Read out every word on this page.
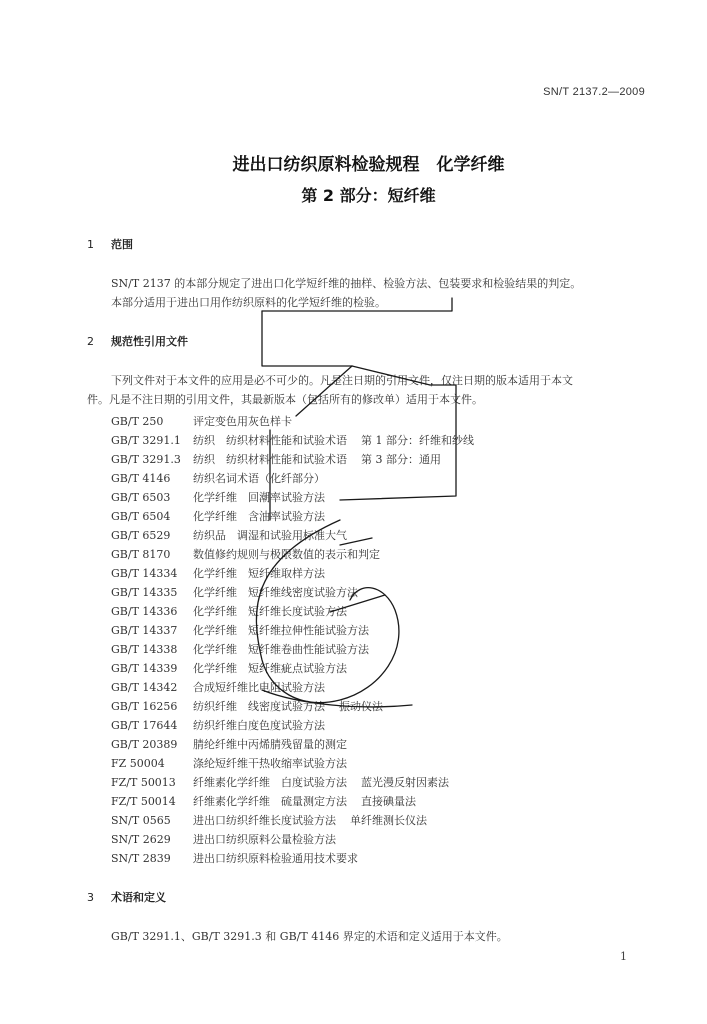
SN/T 2137.2—2009
进出口纺织原料检验规程　化学纤维
第 2 部分：短纤维
1 范围
SN/T 2137 的本部分规定了进出口化学短纤维的抽样、检验方法、包装要求和检验结果的判定。
本部分适用于进出口用作纺织原料的化学短纤维的检验。
2 规范性引用文件
下列文件对于本文件的应用是必不可少的。凡是注日期的引用文件，仅注日期的版本适用于本文
件。凡是不注日期的引用文件，其最新版本（包括所有的修改单）适用于本文件。
GB/T 250	评定变色用灰色样卡
GB/T 3291.1 纺织　纺织材料性能和试验术语 第 1 部分：纤维和纱线
GB/T 3291.3 纺织　纺织材料性能和试验术语 第 3 部分：通用
GB/T 4146 纺织名词术语（化纤部分）
GB/T 6503 化学纤维　回潮率试验方法
GB/T 6504 化学纤维　含油率试验方法
GB/T 6529 纺织品　调湿和试验用标准大气
GB/T 8170 数值修约规则与极限数值的表示和判定
GB/T 14334 化学纤维　短纤维取样方法
GB/T 14335 化学纤维　短纤维线密度试验方法
GB/T 14336 化学纤维　短纤维长度试验方法
GB/T 14337 化学纤维　短纤维拉伸性能试验方法
GB/T 14338 化学纤维　短纤维卷曲性能试验方法
GB/T 14339 化学纤维　短纤维疵点试验方法
GB/T 14342 合成短纤维比电阻试验方法
GB/T 16256 纺织纤维　线密度试验方法 振动仪法
GB/T 17644 纺织纤维白度色度试验方法
GB/T 20389 腈纶纤维中丙烯腈残留量的测定
FZ 50004	涤纶短纤维干热收缩率试验方法
FZ/T 50013 纤维素化学纤维　白度试验方法 蓝光漫反射因素法
FZ/T 50014 纤维素化学纤维　硫量测定方法 直接碘量法
SN/T 0565 进出口纺织纤维长度试验方法 单纤维测长仪法
SN/T 2629 进出口纺织原料公量检验方法
SN/T 2839 进出口纺织原料检验通用技术要求
3 术语和定义
GB/T 3291.1、GB/T 3291.3 和 GB/T 4146 界定的术语和定义适用于本文件。
1
